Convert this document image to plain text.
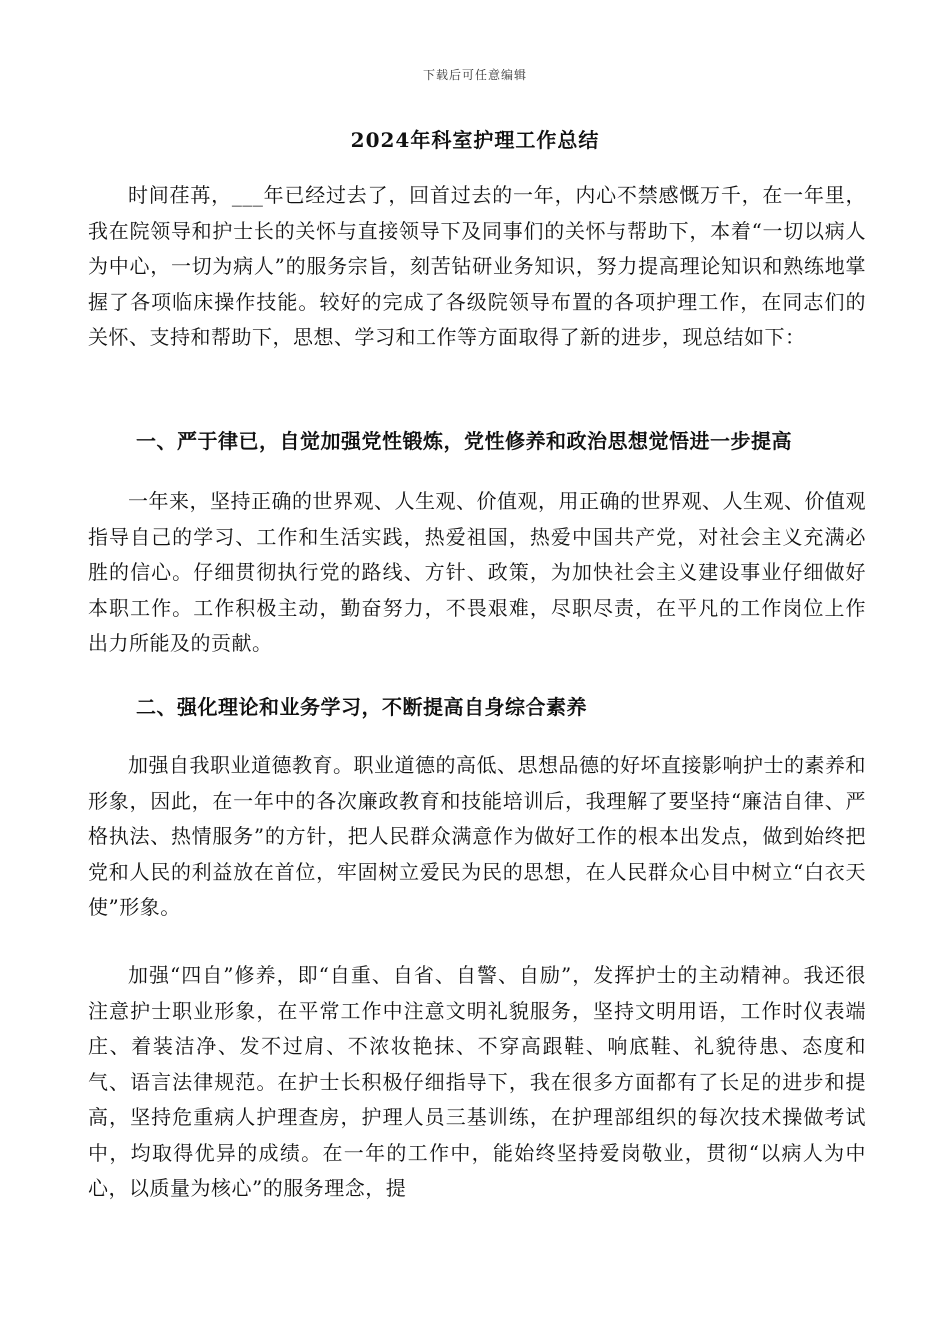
下载后可任意编辑
2024年科室护理工作总结

时间荏苒，___年已经过去了，回首过去的一年，内心不禁感慨万千，在一年里，我在院领导和护士长的关怀与直接领导下及同事们的关怀与帮助下，本着“一切以病人为中心，一切为病人”的服务宗旨，刻苦钻研业务知识，努力提高理论知识和熟练地掌握了各项临床操作技能。较好的完成了各级院领导布置的各项护理工作，在同志们的关怀、支持和帮助下，思想、学习和工作等方面取得了新的进步，现总结如下：

一、严于律已，自觉加强党性锻炼，党性修养和政治思想觉悟进一步提高

一年来，坚持正确的世界观、人生观、价值观，用正确的世界观、人生观、价值观指导自己的学习、工作和生活实践，热爱祖国，热爱中国共产党，对社会主义充满必胜的信心。仔细贯彻执行党的路线、方针、政策，为加快社会主义建设事业仔细做好本职工作。工作积极主动，勤奋努力，不畏艰难，尽职尽责，在平凡的工作岗位上作出力所能及的贡献。

二、强化理论和业务学习，不断提高自身综合素养

加强自我职业道德教育。职业道德的高低、思想品德的好坏直接影响护士的素养和形象，因此，在一年中的各次廉政教育和技能培训后，我理解了要坚持“廉洁自律、严格执法、热情服务”的方针，把人民群众满意作为做好工作的根本出发点，做到始终把党和人民的利益放在首位，牢固树立爱民为民的思想，在人民群众心目中树立“白衣天使”形象。

加强“四自”修养，即“自重、自省、自警、自励”，发挥护士的主动精神。我还很注意护士职业形象，在平常工作中注意文明礼貌服务，坚持文明用语，工作时仪表端庄、着装洁净、发不过肩、不浓妆艳抹、不穿高跟鞋、响底鞋、礼貌待患、态度和气、语言法律规范。在护士长积极仔细指导下，我在很多方面都有了长足的进步和提高，坚持危重病人护理查房，护理人员三基训练，在护理部组织的每次技术操做考试中，均取得优异的成绩。在一年的工作中，能始终坚持爱岗敬业，贯彻“以病人为中心，以质量为核心”的服务理念，提
